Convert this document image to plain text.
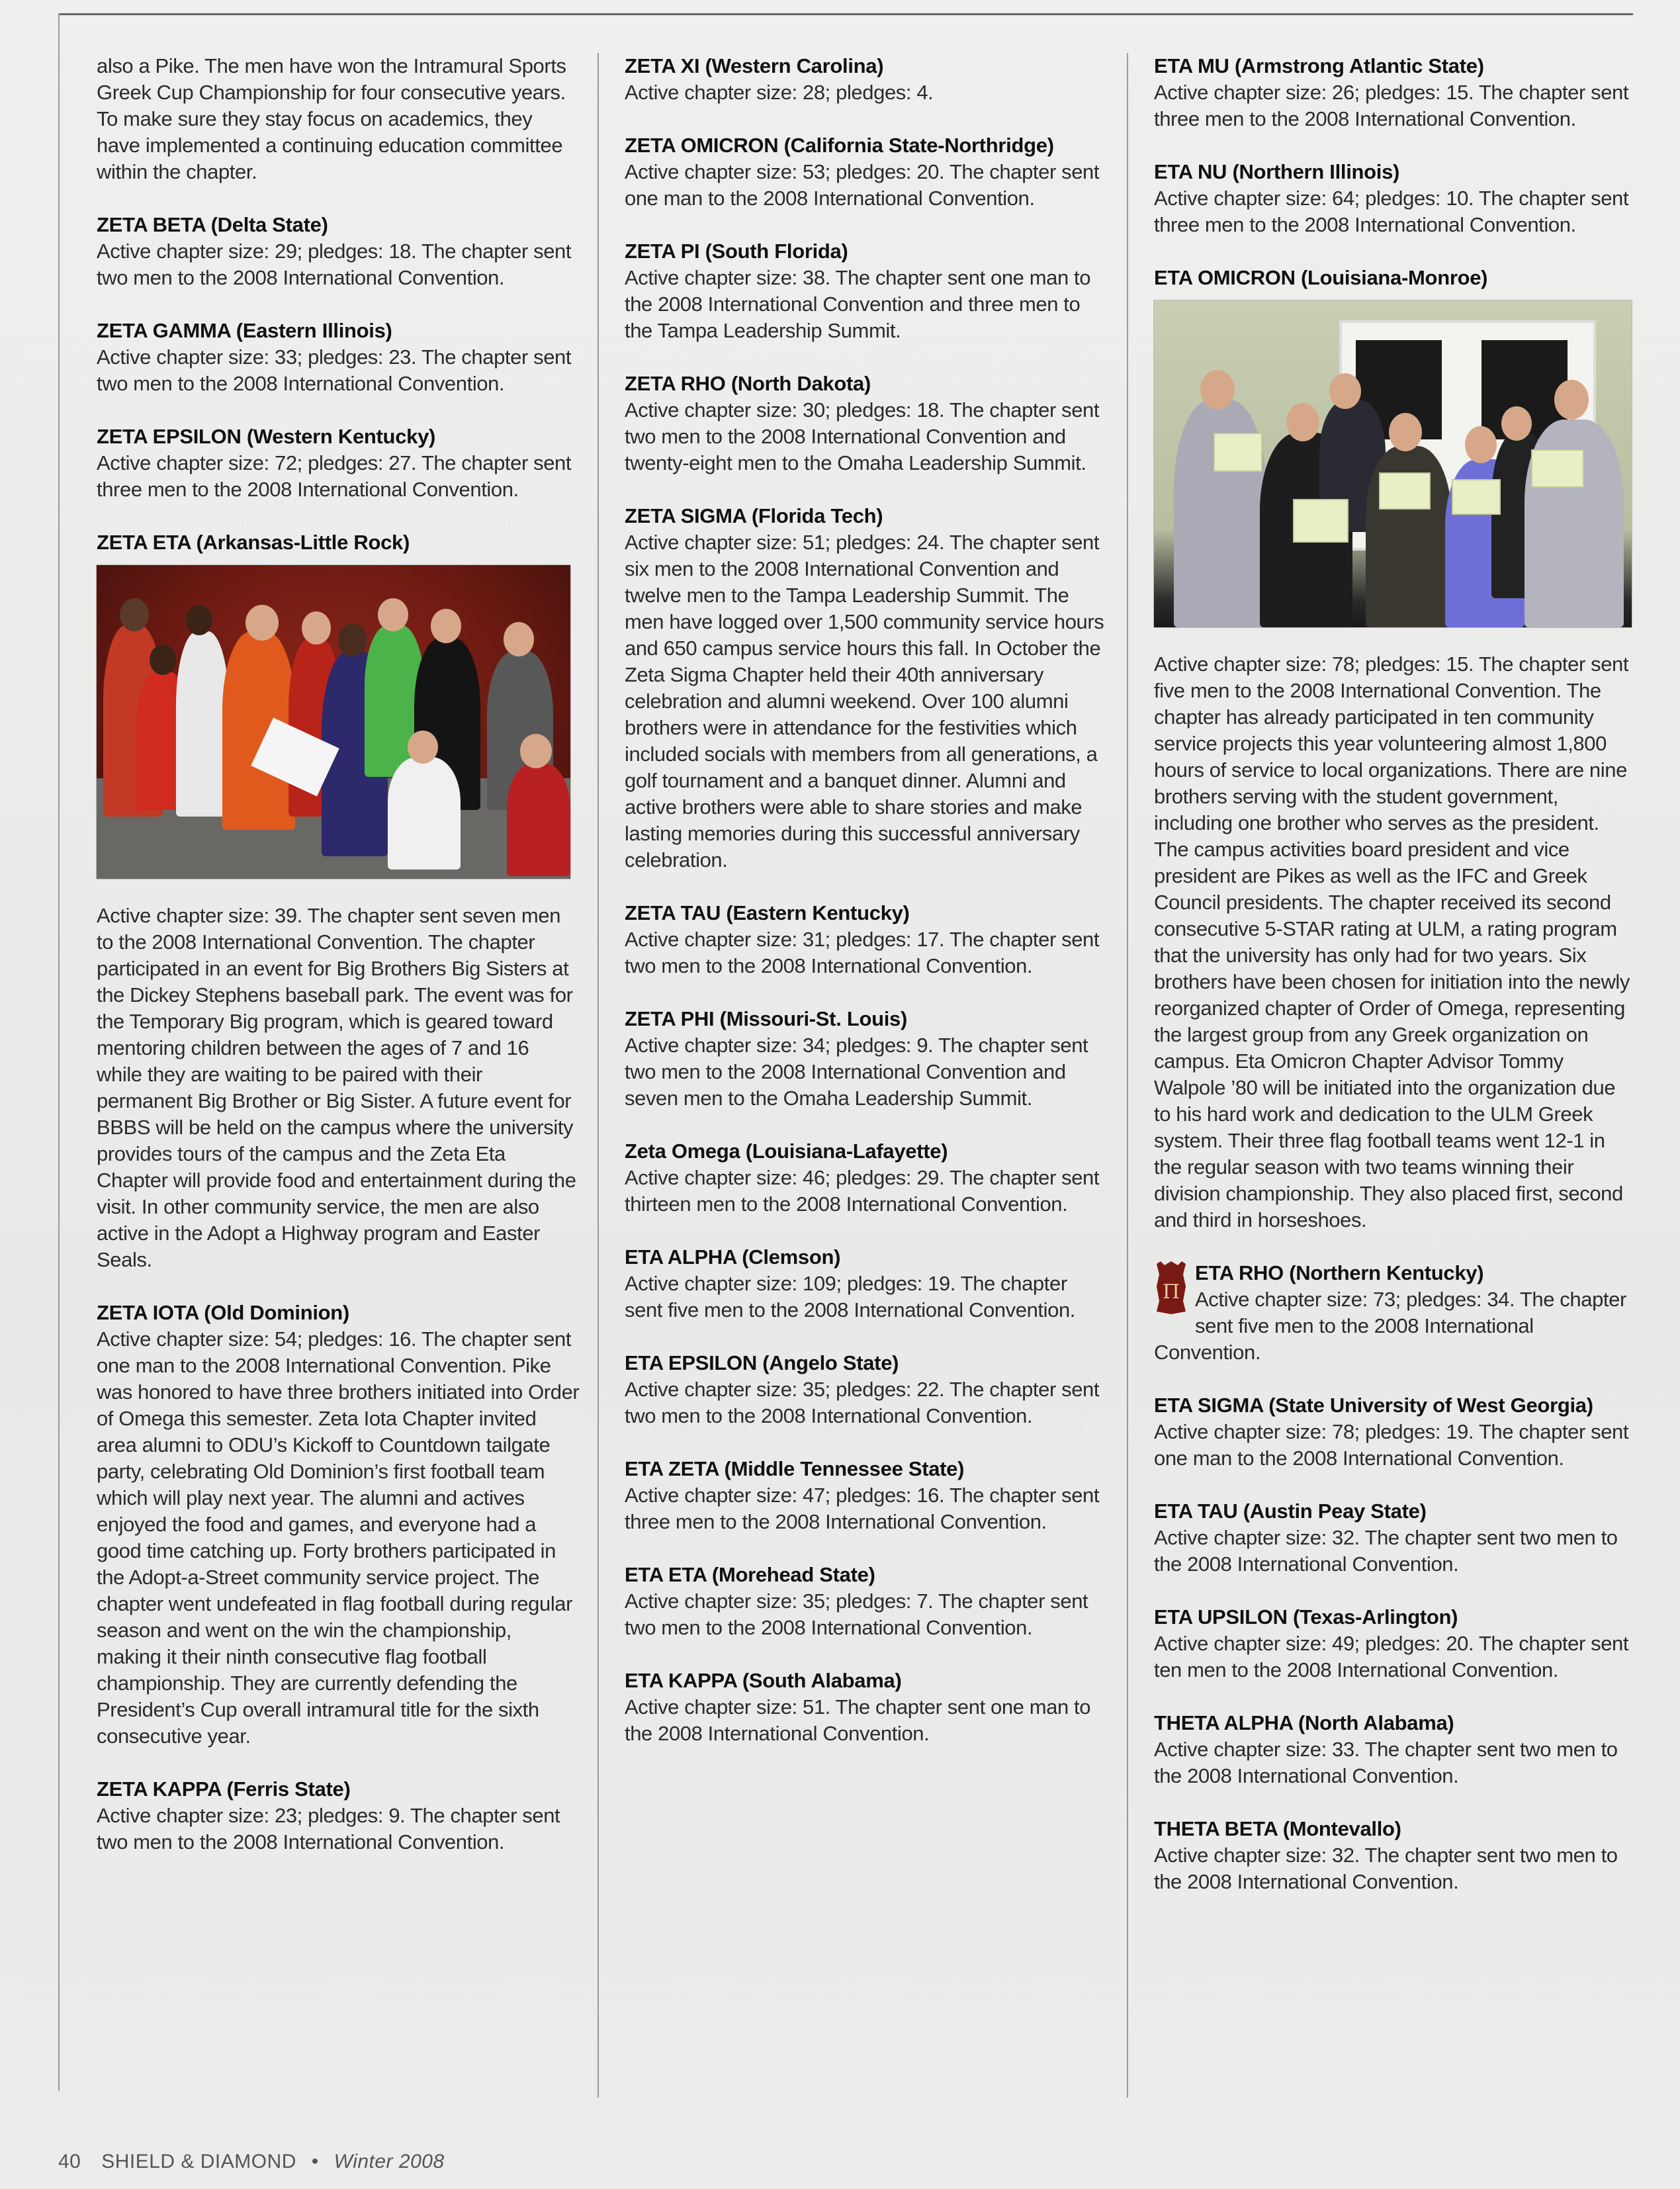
also a Pike. The men have won the Intramural Sports Greek Cup Championship for four consecutive years. To make sure they stay focus on academics, they have implemented a continuing education committee within the chapter.

ZETA BETA (Delta State)

Active chapter size: 29; pledges: 18. The chapter sent two men to the 2008 International Convention.

ZETA GAMMA (Eastern Illinois)

Active chapter size: 33; pledges: 23. The chapter sent two men to the 2008 International Convention.

ZETA EPSILON (Western Kentucky)

Active chapter size: 72; pledges: 27. The chapter sent three men to the 2008 International Convention.

ZETA ETA (Arkansas-Little Rock)

Active chapter size: 39. The chapter sent seven men to the 2008 International Convention. The chapter participated in an event for Big Brothers Big Sisters at the Dickey Stephens baseball park. The event was for the Temporary Big program, which is geared toward mentoring children between the ages of 7 and 16 while they are waiting to be paired with their permanent Big Brother or Big Sister. A future event for BBBS will be held on the campus where the university provides tours of the campus and the Zeta Eta Chapter will provide food and entertainment during the visit. In other community service, the men are also active in the Adopt a Highway program and Easter Seals.

ZETA IOTA (Old Dominion)

Active chapter size: 54; pledges: 16. The chapter sent one man to the 2008 International Convention. Pike was honored to have three brothers initiated into Order of Omega this semester. Zeta Iota Chapter invited area alumni to ODU’s Kickoff to Countdown tailgate party, celebrating Old Dominion’s first football team which will play next year. The alumni and actives enjoyed the food and games, and everyone had a good time catching up. Forty brothers participated in the Adopt-a-Street community service project. The chapter went undefeated in flag football during regular season and went on the win the championship, making it their ninth consecutive flag football championship. They are currently defending the President’s Cup overall intramural title for the sixth consecutive year.

ZETA KAPPA (Ferris State)

Active chapter size: 23; pledges: 9. The chapter sent two men to the 2008 International Convention.

ZETA XI (Western Carolina)

Active chapter size: 28; pledges: 4.

ZETA OMICRON (California State-Northridge)

Active chapter size: 53; pledges: 20. The chapter sent one man to the 2008 International Convention.

ZETA PI (South Florida)

Active chapter size: 38. The chapter sent one man to the 2008 International Convention and three men to the Tampa Leadership Summit.

ZETA RHO (North Dakota)

Active chapter size: 30; pledges: 18. The chapter sent two men to the 2008 International Convention and twenty-eight men to the Omaha Leadership Summit.

ZETA SIGMA (Florida Tech)

Active chapter size: 51; pledges: 24. The chapter sent six men to the 2008 International Convention and twelve men to the Tampa Leadership Summit. The men have logged over 1,500 community service hours and 650 campus service hours this fall. In October the Zeta Sigma Chapter held their 40th anniversary celebration and alumni weekend. Over 100 alumni brothers were in attendance for the festivities which included socials with members from all generations, a golf tournament and a banquet dinner. Alumni and active brothers were able to share stories and make lasting memories during this successful anniversary celebration.

ZETA TAU (Eastern Kentucky)

Active chapter size: 31; pledges: 17. The chapter sent two men to the 2008 International Convention.

ZETA PHI (Missouri-St. Louis)

Active chapter size: 34; pledges: 9. The chapter sent two men to the 2008 International Convention and seven men to the Omaha Leadership Summit.

Zeta Omega (Louisiana-Lafayette)

Active chapter size: 46; pledges: 29. The chapter sent thirteen men to the 2008 International Convention.

ETA ALPHA (Clemson)

Active chapter size: 109; pledges: 19. The chapter sent five men to the 2008 International Convention.

ETA EPSILON (Angelo State)

Active chapter size: 35; pledges: 22. The chapter sent two men to the 2008 International Convention.

ETA ZETA (Middle Tennessee State)

Active chapter size: 47; pledges: 16. The chapter sent three men to the 2008 International Convention.

ETA ETA (Morehead State)

Active chapter size: 35; pledges: 7. The chapter sent two men to the 2008 International Convention.

ETA KAPPA (South Alabama)

Active chapter size: 51. The chapter sent one man to the 2008 International Convention.

ETA MU (Armstrong Atlantic State)

Active chapter size: 26; pledges: 15. The chapter sent three men to the 2008 International Convention.

ETA NU (Northern Illinois)

Active chapter size: 64; pledges: 10. The chapter sent three men to the 2008 International Convention.

ETA OMICRON (Louisiana-Monroe)

Active chapter size: 78; pledges: 15. The chapter sent five men to the 2008 International Convention. The chapter has already participated in ten community service projects this year volunteering almost 1,800 hours of service to local organizations. There are nine brothers serving with the student government, including one brother who serves as the president. The campus activities board president and vice president are Pikes as well as the IFC and Greek Council presidents. The chapter received its second consecutive 5-STAR rating at ULM, a rating program that the university has only had for two years. Six brothers have been chosen for initiation into the newly reorganized chapter of Order of Omega, representing the largest group from any Greek organization on campus. Eta Omicron Chapter Advisor Tommy Walpole ’80 will be initiated into the organization due to his hard work and dedication to the ULM Greek system. Their three flag football teams went 12-1 in the regular season with two teams winning their division championship. They also placed first, second and third in horseshoes.

Π
ETA RHO (Northern Kentucky)

Active chapter size: 73; pledges: 34. The chapter sent five men to the 2008 International Convention.

ETA SIGMA (State University of West Georgia)

Active chapter size: 78; pledges: 19. The chapter sent one man to the 2008 International Convention.

ETA TAU (Austin Peay State)

Active chapter size: 32. The chapter sent two men to the 2008 International Convention.

ETA UPSILON (Texas-Arlington)

Active chapter size: 49; pledges: 20. The chapter sent ten men to the 2008 International Convention.

THETA ALPHA (North Alabama)

Active chapter size: 33. The chapter sent two men to the 2008 International Convention.

THETA BETA (Montevallo)

Active chapter size: 32. The chapter sent two men to the 2008 International Convention.

40 SHIELD & DIAMOND • Winter 2008
